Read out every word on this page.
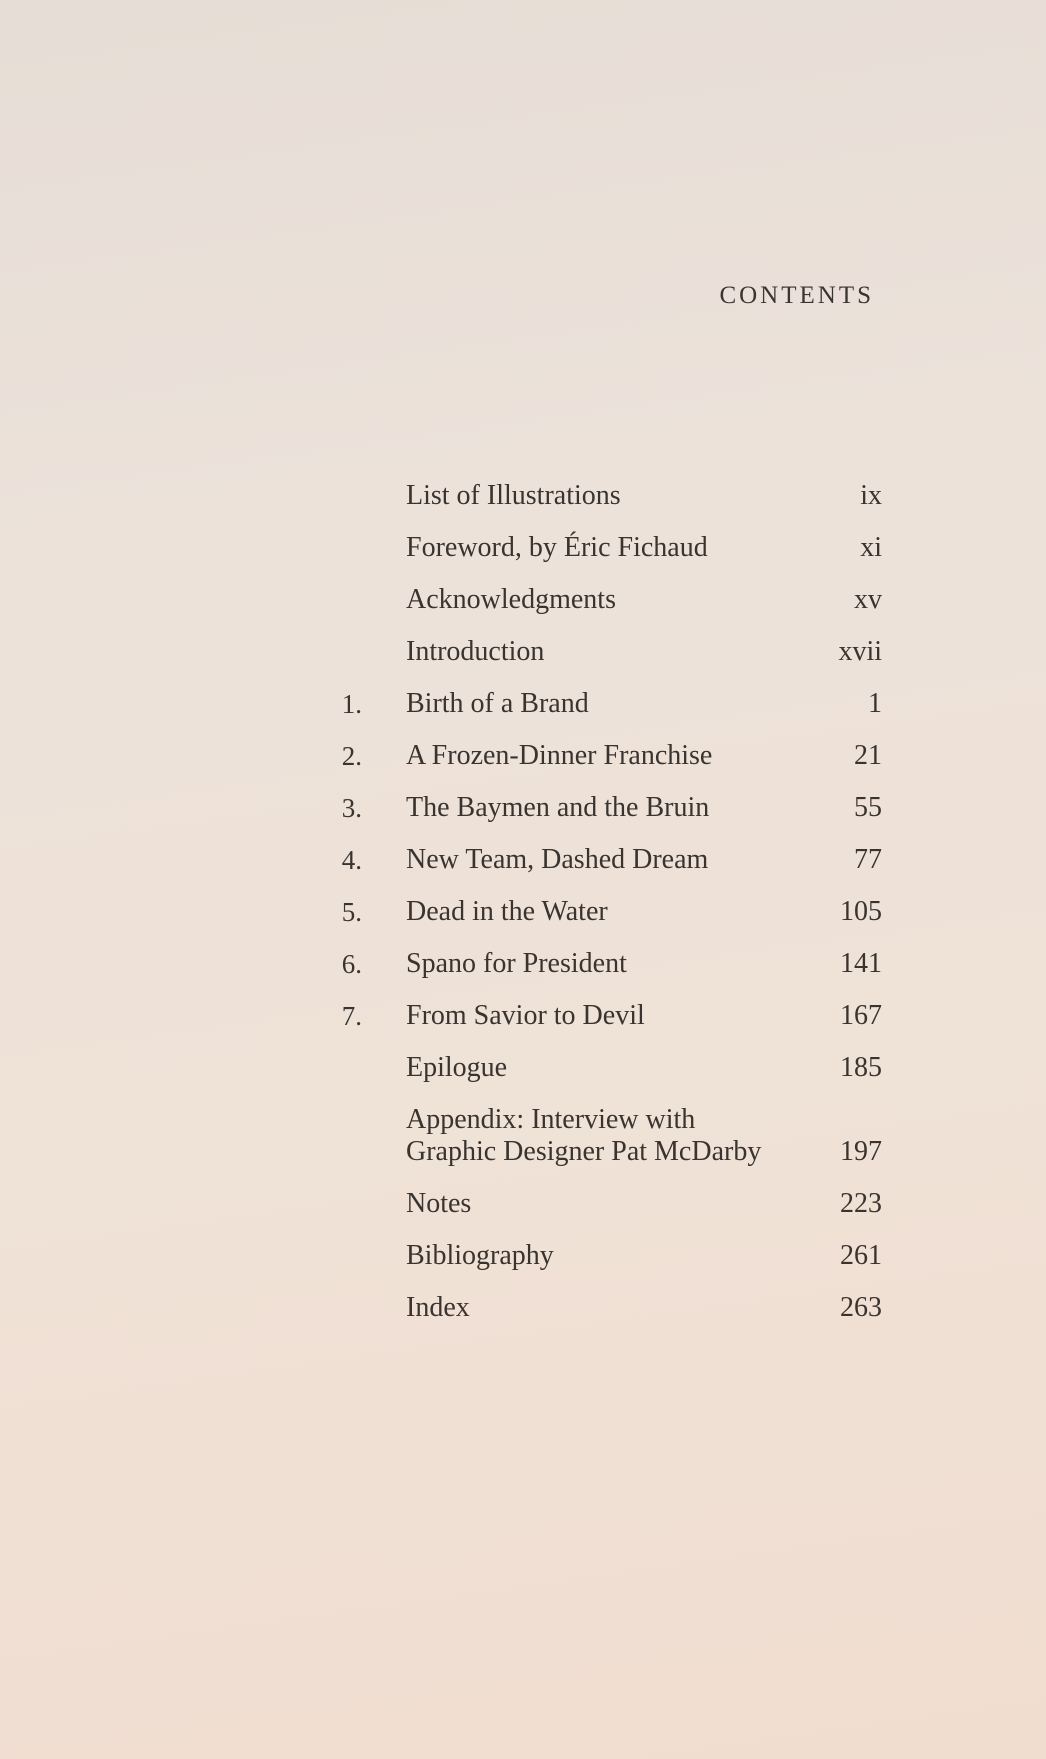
CONTENTS
List of Illustrations	ix
Foreword, by Éric Fichaud	xi
Acknowledgments	xv
Introduction	xvii
1.	Birth of a Brand	1
2.	A Frozen-Dinner Franchise	21
3.	The Baymen and the Bruin	55
4.	New Team, Dashed Dream	77
5.	Dead in the Water	105
6.	Spano for President	141
7.	From Savior to Devil	167
Epilogue	185
Appendix: Interview with
Graphic Designer Pat McDarby	197
Notes	223
Bibliography	261
Index	263
